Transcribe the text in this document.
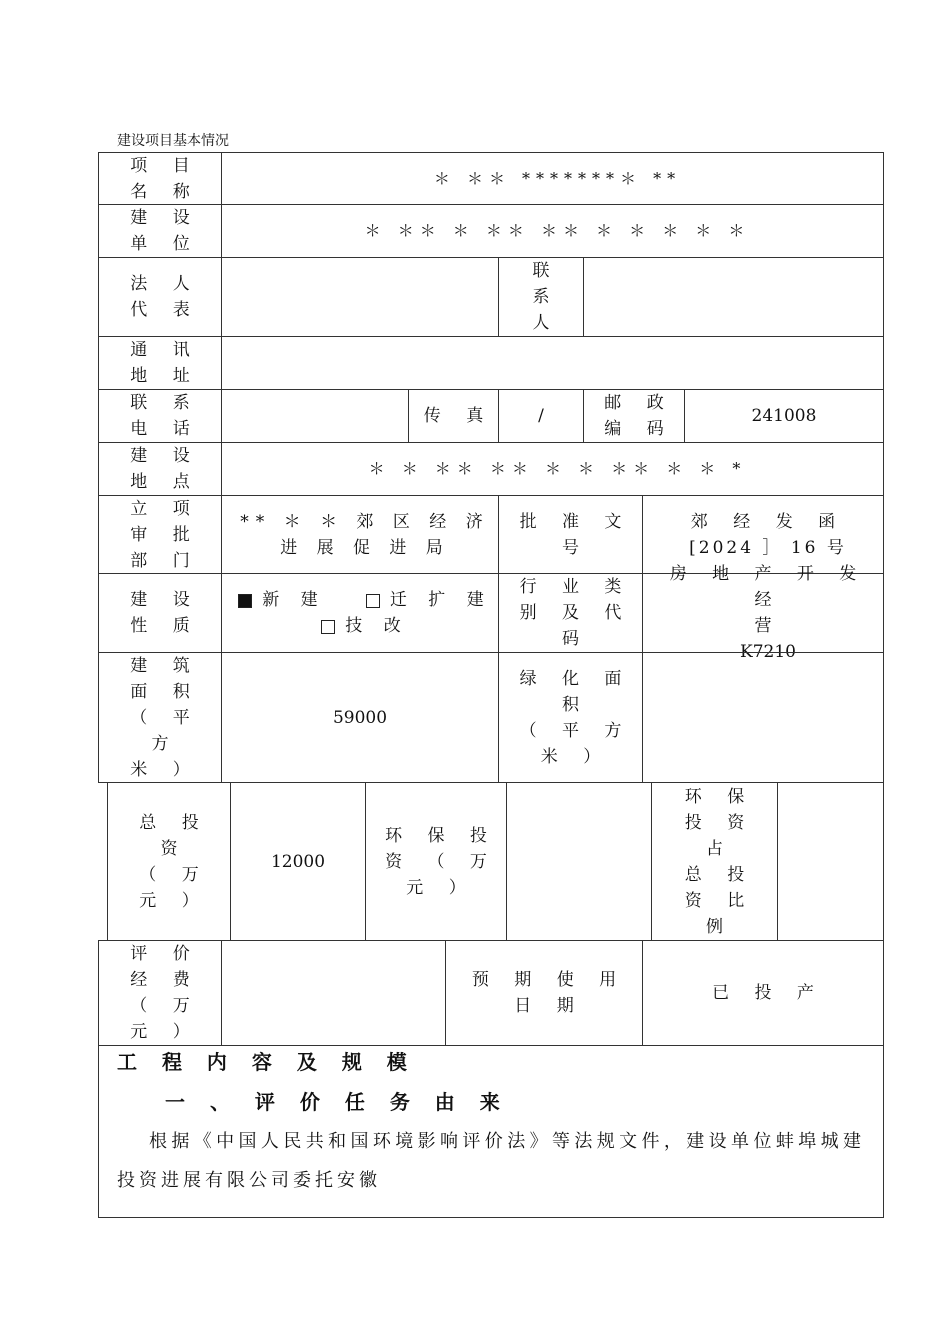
建设项目基本情况
项 目
名 称
＊ ＊＊ *******＊ **
建 设
单 位
＊ ＊＊ ＊ ＊＊ ＊＊ ＊ ＊ ＊ ＊ ＊
法 人
代 表
联
系
人
通 讯
地 址
联 系
电 话
传 真	/
邮 政
编 码
241008
建 设
地 点
＊ ＊ ＊＊ ＊＊ ＊ ＊ ＊＊ ＊ ＊ *
立 项
审 批
部 门
** ＊ ＊ 郊 区 经 济
进 展 促 进 局
批 准 文
号
郊 经 发 函
[2024 ］ 16 号
建 设
性 质
新 建	迁 扩 建
技 改
行 业 类
别 及 代
码
房 地 产 开 发 经
营
K7210
建 筑
面 积
（ 平
方
米 ）
59000
绿 化 面
积
（ 平 方
米 ）
总 投 资
（ 万
元 ）
12000
环 保 投
资 （ 万
元 ）
环 保
投 资
占
总 投
资 比
例
评 价
经 费
（ 万
元 ）
预 期 使 用
日 期
已 投 产
工 程 内 容 及 规 模
一 、 评 价 任 务 由 来
根据《中国人民共和国环境影响评价法》等法规文件，建设单位蚌埠城建投资进展有限公司委托安徽
